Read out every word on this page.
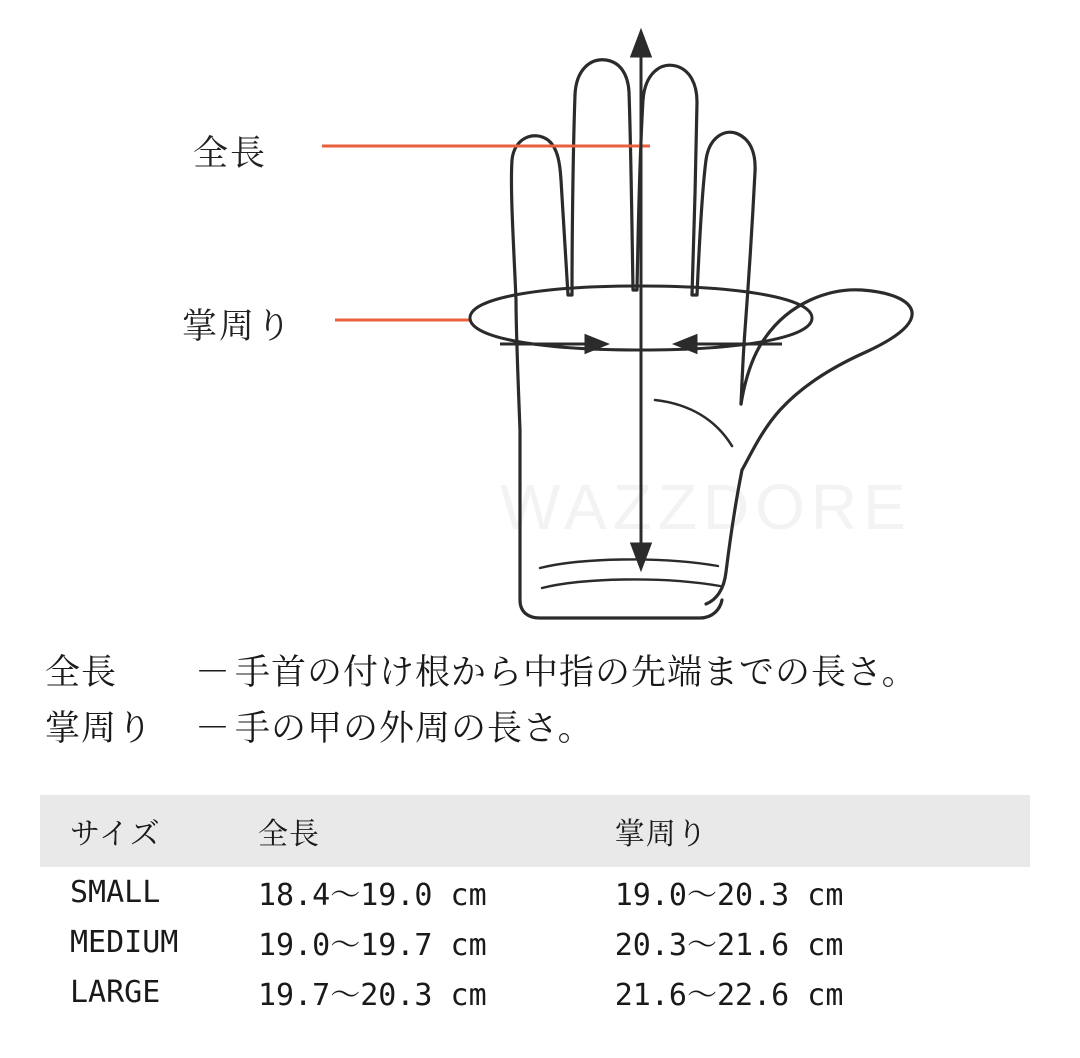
WAZZDORE
全長
掌周り
全長 － 手首の付け根から中指の先端までの長さ。
掌周り － 手の甲の外周の長さ。
サイズ	全長	掌周り
SMALL	18.4〜19.0 cm	19.0〜20.3 cm
MEDIUM	19.0〜19.7 cm	20.3〜21.6 cm
LARGE	19.7〜20.3 cm	21.6〜22.6 cm
